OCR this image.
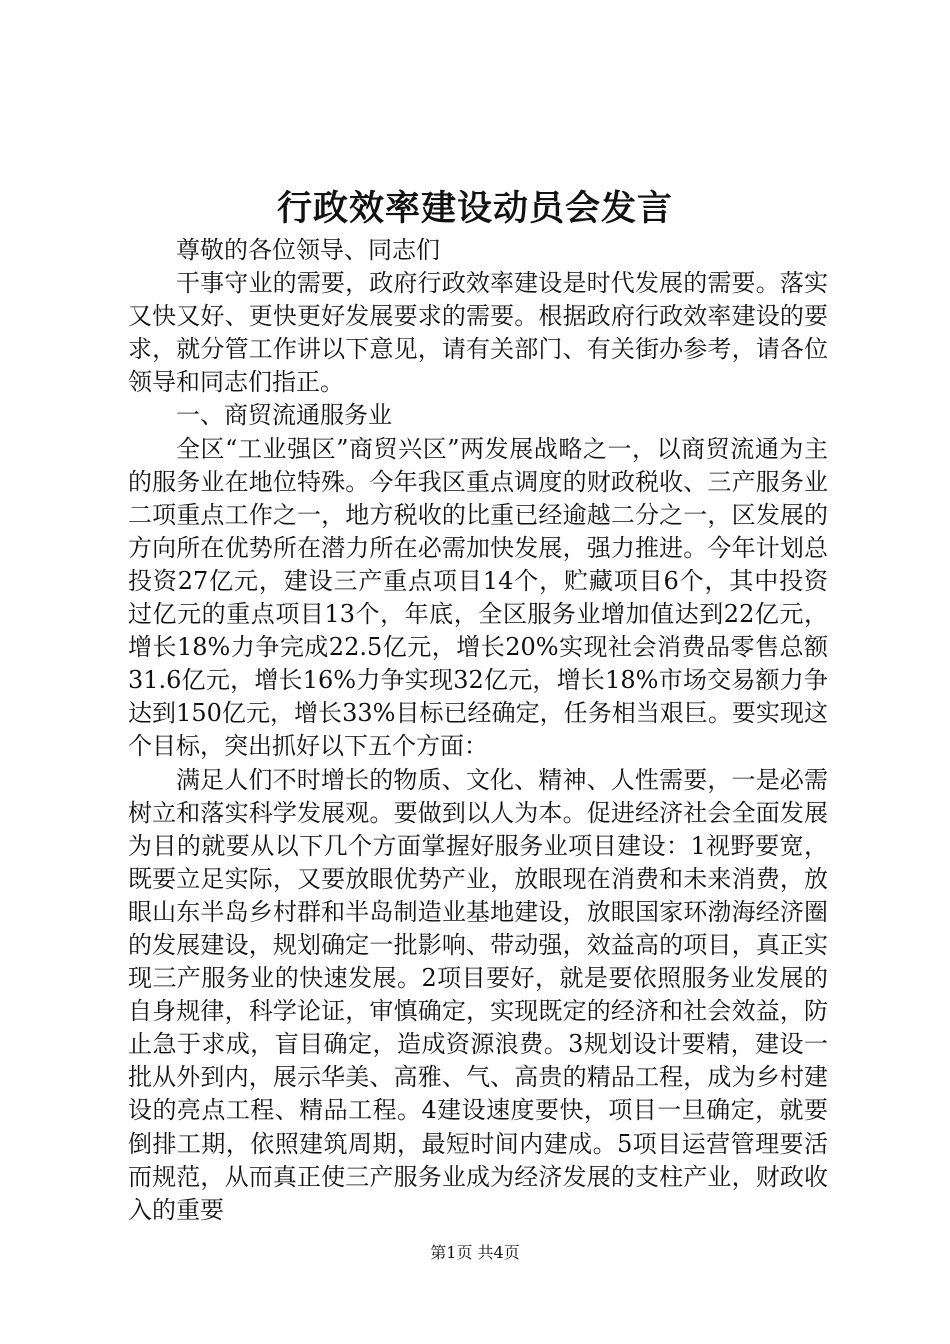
行政效率建设动员会发言

尊敬的各位领导、同志们

干事守业的需要，政府行政效率建设是时代发展的需要。落实又快又好、更快更好发展要求的需要。根据政府行政效率建设的要求，就分管工作讲以下意见，请有关部门、有关街办参考，请各位领导和同志们指正。

一、商贸流通服务业

全区“工业强区”商贸兴区”两发展战略之一，以商贸流通为主的服务业在地位特殊。今年我区重点调度的财政税收、三产服务业二项重点工作之一，地方税收的比重已经逾越二分之一，区发展的方向所在优势所在潜力所在必需加快发展，强力推进。今年计划总投资27亿元，建设三产重点项目14个，贮藏项目6个，其中投资过亿元的重点项目13个，年底，全区服务业增加值达到22亿元，增长18%力争完成22.5亿元，增长20%实现社会消费品零售总额31.6亿元，增长16%力争实现32亿元，增长18%市场交易额力争达到150亿元，增长33%目标已经确定，任务相当艰巨。要实现这个目标，突出抓好以下五个方面：

满足人们不时增长的物质、文化、精神、人性需要，一是必需树立和落实科学发展观。要做到以人为本。促进经济社会全面发展为目的就要从以下几个方面掌握好服务业项目建设：1视野要宽，既要立足实际，又要放眼优势产业，放眼现在消费和未来消费，放眼山东半岛乡村群和半岛制造业基地建设，放眼国家环渤海经济圈的发展建设，规划确定一批影响、带动强，效益高的项目，真正实现三产服务业的快速发展。2项目要好，就是要依照服务业发展的自身规律，科学论证，审慎确定，实现既定的经济和社会效益，防止急于求成，盲目确定，造成资源浪费。3规划设计要精，建设一批从外到内，展示华美、高雅、气、高贵的精品工程，成为乡村建设的亮点工程、精品工程。4建设速度要快，项目一旦确定，就要倒排工期，依照建筑周期，最短时间内建成。5项目运营管理要活而规范，从而真正使三产服务业成为经济发展的支柱产业，财政收入的重要

第1页 共4页
